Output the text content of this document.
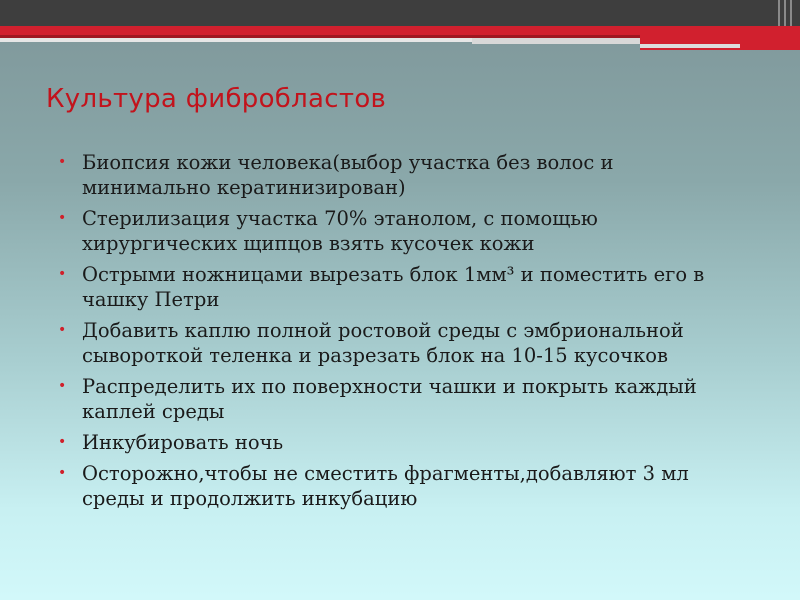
Культура фибробластов
• Биопсия кожи человека(выбор участка без волос и минимально кератинизирован)
• Стерилизация участка 70% этанолом, с помощью хирургических щипцов взять кусочек кожи
• Острыми ножницами вырезать блок 1мм³ и поместить его в чашку Петри
• Добавить каплю полной ростовой среды с эмбриональной сывороткой теленка и разрезать блок на 10-15 кусочков
• Распределить их по поверхности чашки и покрыть каждый каплей среды
• Инкубировать ночь
• Осторожно,чтобы не сместить фрагменты,добавляют 3 мл среды и продолжить инкубацию
